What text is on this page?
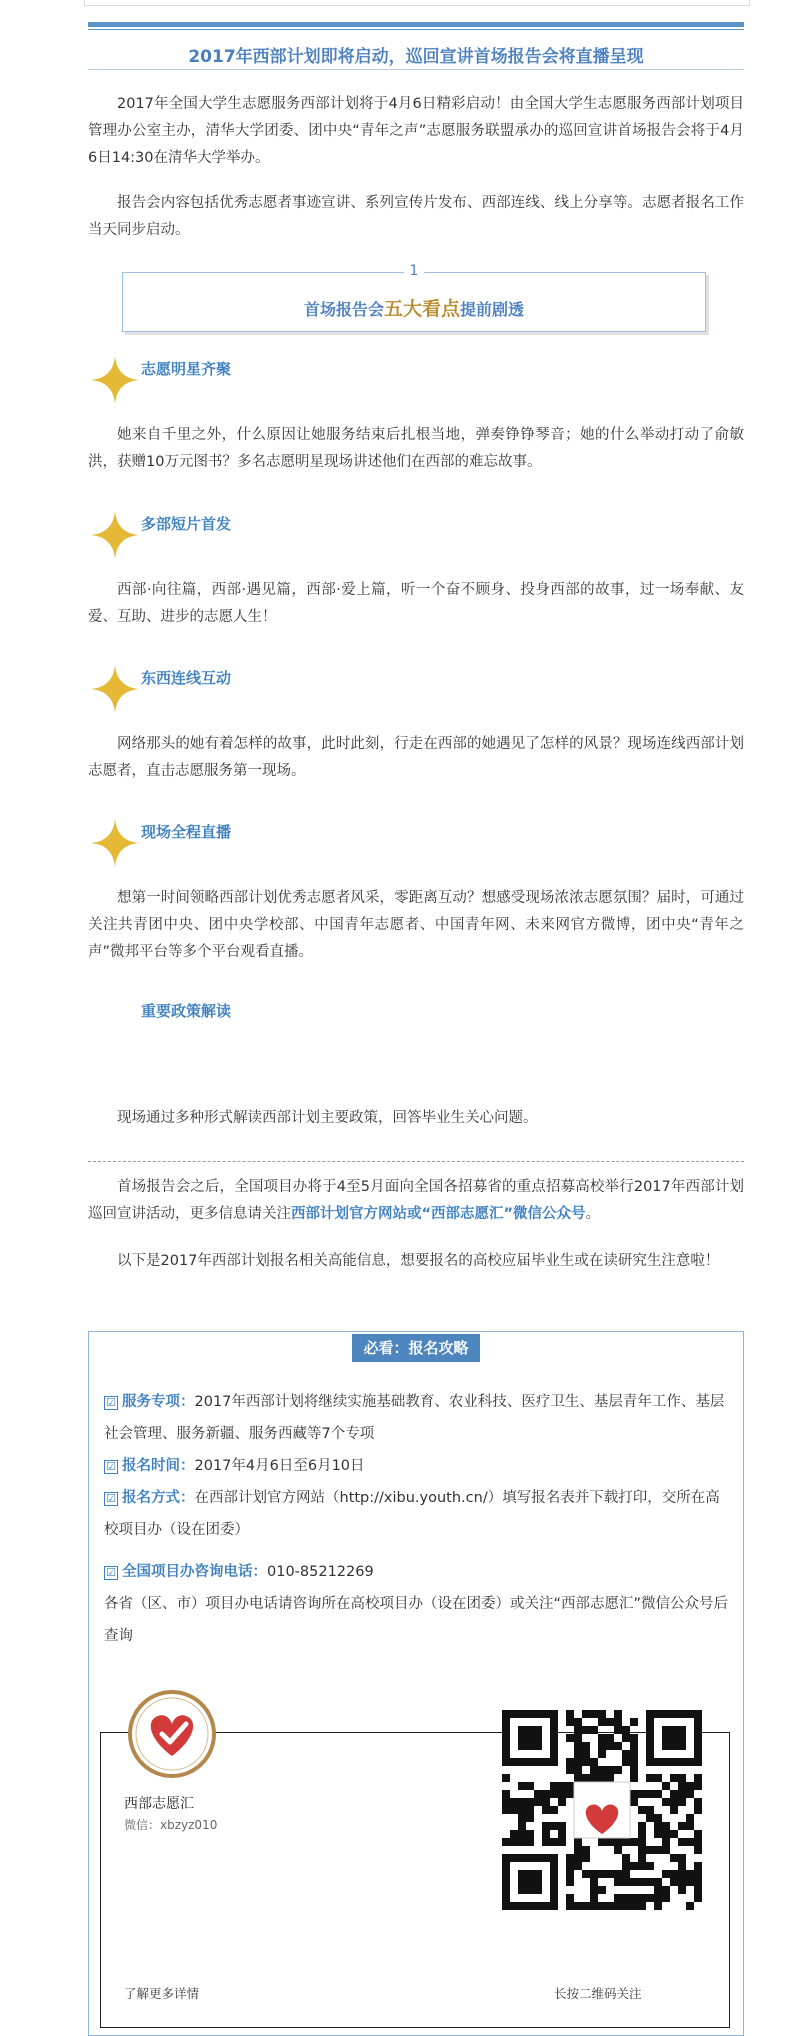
2017年西部计划即将启动，巡回宣讲首场报告会将直播呈现
2017年全国大学生志愿服务西部计划将于4月6日精彩启动！由全国大学生志愿服务西部计划项目管理办公室主办，清华大学团委、团中央“青年之声”志愿服务联盟承办的巡回宣讲首场报告会将于4月6日14:30在清华大学举办。
报告会内容包括优秀志愿者事迹宣讲、系列宣传片发布、西部连线、线上分享等。志愿者报名工作当天同步启动。
1
首场报告会五大看点提前剧透
志愿明星齐聚
她来自千里之外，什么原因让她服务结束后扎根当地，弹奏铮铮琴音；她的什么举动打动了俞敏洪，获赠10万元图书？多名志愿明星现场讲述他们在西部的难忘故事。
多部短片首发
西部·向往篇，西部·遇见篇，西部·爱上篇，听一个奋不顾身、投身西部的故事，过一场奉献、友爱、互助、进步的志愿人生！
东西连线互动
网络那头的她有着怎样的故事，此时此刻，行走在西部的她遇见了怎样的风景？现场连线西部计划志愿者，直击志愿服务第一现场。
现场全程直播
想第一时间领略西部计划优秀志愿者风采，零距离互动？想感受现场浓浓志愿氛围？届时，可通过关注共青团中央、团中央学校部、中国青年志愿者、中国青年网、未来网官方微博，团中央“青年之声”微邦平台等多个平台观看直播。
重要政策解读
现场通过多种形式解读西部计划主要政策，回答毕业生关心问题。
首场报告会之后，全国项目办将于4至5月面向全国各招募省的重点招募高校举行2017年西部计划巡回宣讲活动，更多信息请关注西部计划官方网站或“西部志愿汇”微信公众号。
以下是2017年西部计划报名相关高能信息，想要报名的高校应届毕业生或在读研究生注意啦！
必看：报名攻略
☑ 服务专项：2017年西部计划将继续实施基础教育、农业科技、医疗卫生、基层青年工作、基层社会管理、服务新疆、服务西藏等7个专项
☑ 报名时间：2017年4月6日至6月10日
☑ 报名方式：在西部计划官方网站（http://xibu.youth.cn/）填写报名表并下载打印，交所在高校项目办（设在团委）
☑ 全国项目办咨询电话：010-85212269
各省（区、市）项目办电话请咨询所在高校项目办（设在团委）或关注“西部志愿汇”微信公众号后查询
西部志愿汇
微信：xbzyz010
了解更多详情	长按二维码关注
